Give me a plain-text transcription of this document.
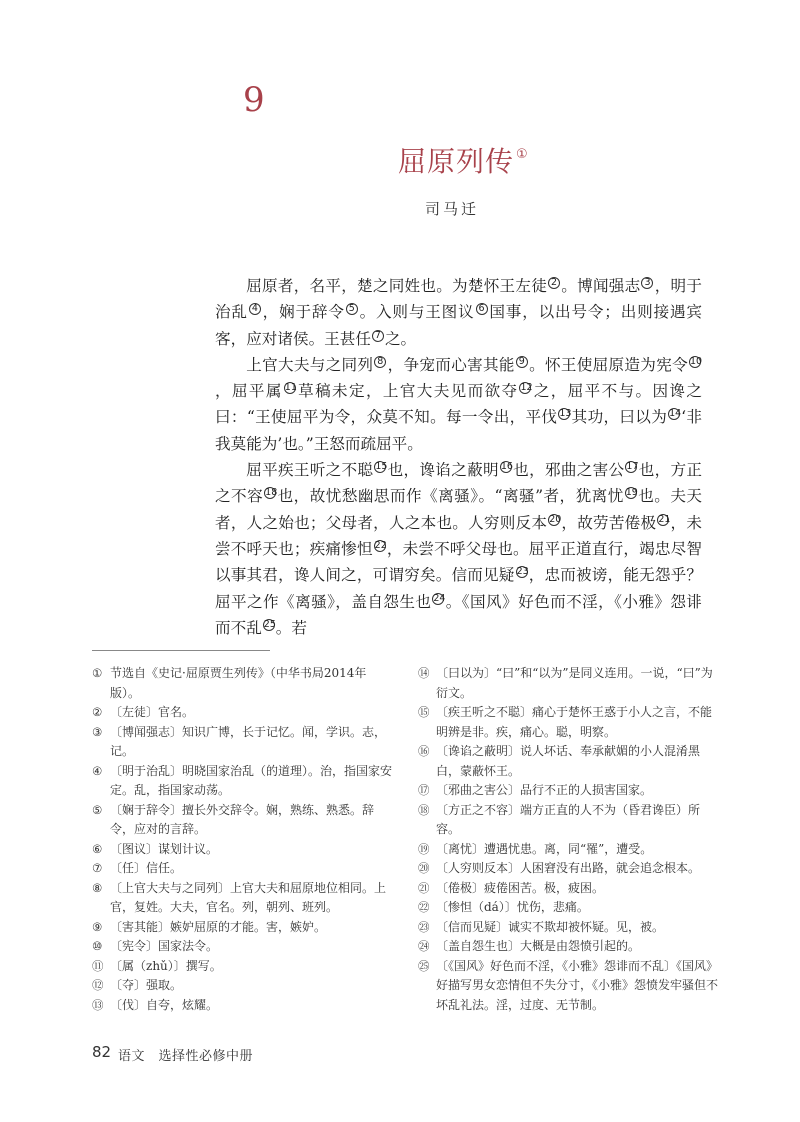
9
屈原列传 ①
司马迁

屈原者，名平，楚之同姓也。为楚怀王左徒 2 。博闻强志 3 ，明于治乱 4 ，娴于辞令 5 。入则与王图议 6 国事，以出号令；出则接遇宾客，应对诸侯。王甚任 7 之。

上官大夫与之同列 8 ，争宠而心害其能 9 。怀王使屈原造为宪令 10，屈平属 11草稿未定，上官大夫见而欲夺 12之，屈平不与。因谗之曰：“王使屈平为令，众莫不知。每一令出，平伐 13其功，曰以为 14‘非我莫能为’也。”王怒而疏屈平。

屈平疾王听之不聪 15也，谗谄之蔽明 16也，邪曲之害公 17也，方正之不容 18也，故忧愁幽思而作《离骚》。“离骚”者，犹离忧 19也。夫天者，人之始也；父母者，人之本也。人穷则反本 20，故劳苦倦极 21，未尝不呼天也；疾痛惨怛 22，未尝不呼父母也。屈平正道直行，竭忠尽智以事其君，谗人间之，可谓穷矣。信而见疑 23，忠而被谤，能无怨乎？屈平之作《离骚》，盖自怨生也 24。《国风》好色而不淫，《小雅》怨诽而不乱 25。若

① 节选自《史记·屈原贾生列传》（中华书局2014年版）。
② 〔左徒〕官名。
③ 〔博闻强志〕知识广博，长于记忆。闻，学识。志，记。
④ 〔明于治乱〕明晓国家治乱（的道理）。治，指国家安定。乱，指国家动荡。
⑤ 〔娴于辞令〕擅长外交辞令。娴，熟练、熟悉。辞令，应对的言辞。
⑥ 〔图议〕谋划计议。
⑦ 〔任〕信任。
⑧ 〔上官大夫与之同列〕上官大夫和屈原地位相同。上官，复姓。大夫，官名。列，朝列、班列。
⑨ 〔害其能〕嫉妒屈原的才能。害，嫉妒。
⑩ 〔宪令〕国家法令。
⑪ 〔属（zhǔ）〕撰写。
⑫ 〔夺〕强取。
⑬ 〔伐〕自夸，炫耀。
⑭ 〔曰以为〕“曰”和“以为”是同义连用。一说，“曰”为衍文。
⑮ 〔疾王听之不聪〕痛心于楚怀王惑于小人之言，不能明辨是非。疾，痛心。聪，明察。
⑯ 〔谗谄之蔽明〕说人坏话、奉承献媚的小人混淆黑白，蒙蔽怀王。
⑰ 〔邪曲之害公〕品行不正的人损害国家。
⑱ 〔方正之不容〕端方正直的人不为（昏君谗臣）所容。
⑲ 〔离忧〕遭遇忧患。离，同“罹”，遭受。
⑳ 〔人穷则反本〕人困窘没有出路，就会追念根本。
㉑ 〔倦极〕疲倦困苦。极，疲困。
㉒ 〔惨怛（dá）〕忧伤，悲痛。
㉓ 〔信而见疑〕诚实不欺却被怀疑。见，被。
㉔ 〔盖自怨生也〕大概是由怨愤引起的。
㉕ 〔《国风》好色而不淫，《小雅》怨诽而不乱〕《国风》好描写男女恋情但不失分寸，《小雅》怨愤发牢骚但不坏乱礼法。淫，过度、无节制。
82 语文　选择性必修中册
